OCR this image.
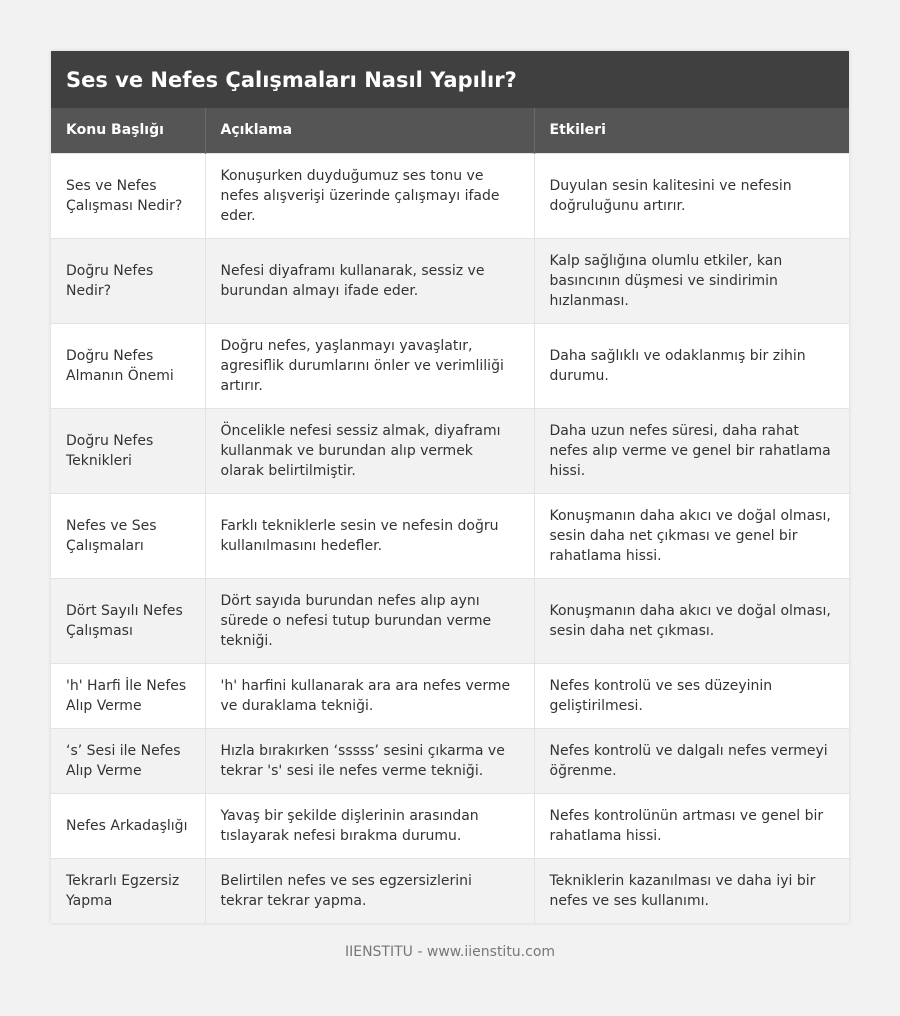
Ses ve Nefes Çalışmaları Nasıl Yapılır?
Konu Başlığı	Açıklama	Etkileri
Ses ve Nefes Çalışması Nedir?	Konuşurken duyduğumuz ses tonu ve nefes alışverişi üzerinde çalışmayı ifade eder.	Duyulan sesin kalitesini ve nefesin doğruluğunu artırır.
Doğru Nefes Nedir?	Nefesi diyaframı kullanarak, sessiz ve burundan almayı ifade eder.	Kalp sağlığına olumlu etkiler, kan basıncının düşmesi ve sindirimin hızlanması.
Doğru Nefes Almanın Önemi	Doğru nefes, yaşlanmayı yavaşlatır, agresiflik durumlarını önler ve verimliliği artırır.	Daha sağlıklı ve odaklanmış bir zihin durumu.
Doğru Nefes Teknikleri	Öncelikle nefesi sessiz almak, diyaframı kullanmak ve burundan alıp vermek olarak belirtilmiştir.	Daha uzun nefes süresi, daha rahat nefes alıp verme ve genel bir rahatlama hissi.
Nefes ve Ses Çalışmaları	Farklı tekniklerle sesin ve nefesin doğru kullanılmasını hedefler.	Konuşmanın daha akıcı ve doğal olması, sesin daha net çıkması ve genel bir rahatlama hissi.
Dört Sayılı Nefes Çalışması	Dört sayıda burundan nefes alıp aynı sürede o nefesi tutup burundan verme tekniği.	Konuşmanın daha akıcı ve doğal olması, sesin daha net çıkması.
'h' Harfi İle Nefes Alıp Verme	'h' harfini kullanarak ara ara nefes verme ve duraklama tekniği.	Nefes kontrolü ve ses düzeyinin geliştirilmesi.
‘s’ Sesi ile Nefes Alıp Verme	Hızla bırakırken ‘sssss’ sesini çıkarma ve tekrar 's' sesi ile nefes verme tekniği.	Nefes kontrolü ve dalgalı nefes vermeyi öğrenme.
Nefes Arkadaşlığı	Yavaş bir şekilde dişlerinin arasından tıslayarak nefesi bırakma durumu.	Nefes kontrolünün artması ve genel bir rahatlama hissi.
Tekrarlı Egzersiz Yapma	Belirtilen nefes ve ses egzersizlerini tekrar tekrar yapma.	Tekniklerin kazanılması ve daha iyi bir nefes ve ses kullanımı.
IIENSTITU - www.iienstitu.com
